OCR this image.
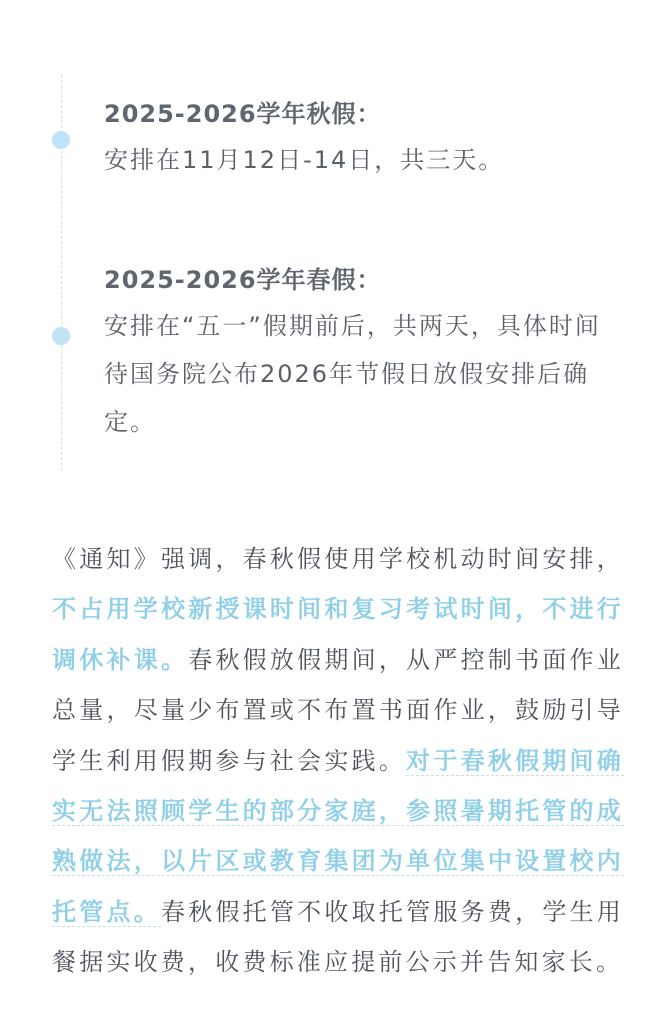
2025-2026学年秋假：
安排在11月12日-14日，共三天。
2025-2026学年春假：
安排在“五一”假期前后，共两天，具体时间待国务院公布2026年节假日放假安排后确定。
《通知》强调，春秋假使用学校机动时间安排，不占用学校新授课时间和复习考试时间，不进行调休补课。春秋假放假期间，从严控制书面作业总量，尽量少布置或不布置书面作业，鼓励引导学生利用假期参与社会实践。对于春秋假期间确实无法照顾学生的部分家庭，参照暑期托管的成熟做法，以片区或教育集团为单位集中设置校内托管点。春秋假托管不收取托管服务费，学生用餐据实收费，收费标准应提前公示并告知家长。
